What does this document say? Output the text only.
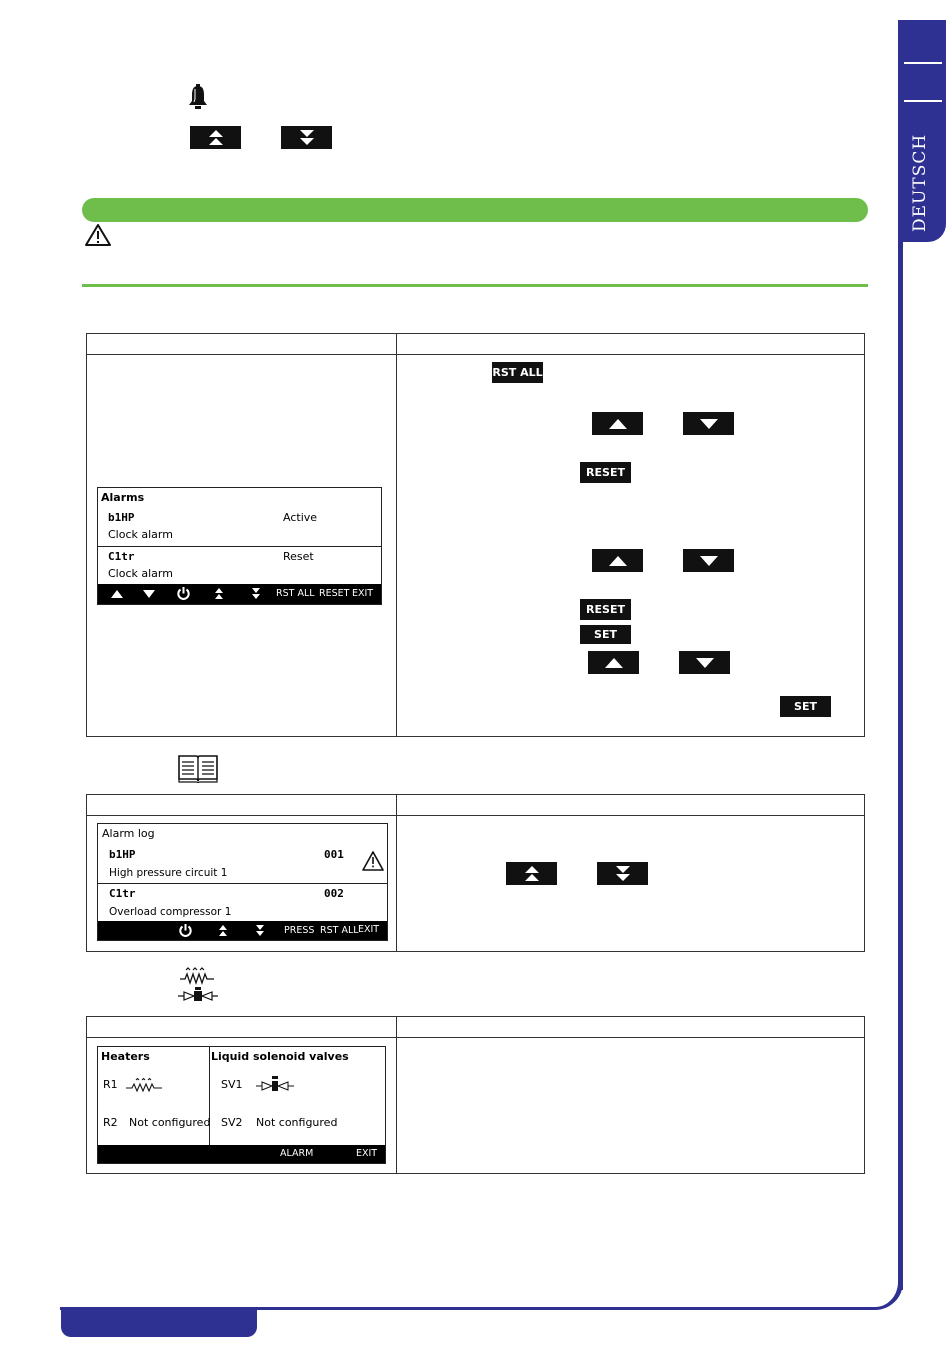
DEUTSCH
Alarms
b1HP	Active
Clock alarm
C1tr	Reset
Clock alarm
RST ALL RESET EXIT
RST ALL
RESET
RESET
SET
SET
Alarm log
b1HP	001
High pressure circuit 1
C1tr	002
Overload compressor 1
PRESS RST ALL EXIT
Heaters	Liquid solenoid valves
R1	SV1
R2 Not configured SV2 Not configured
ALARM	EXIT
